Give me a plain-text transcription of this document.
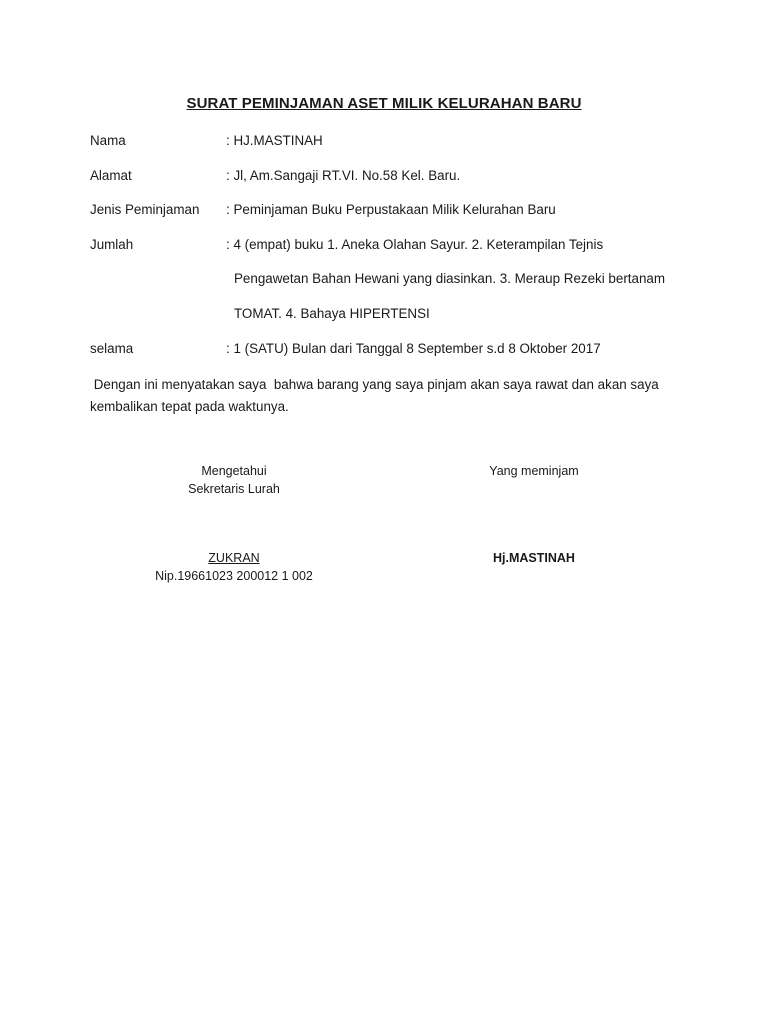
SURAT PEMINJAMAN ASET MILIK KELURAHAN BARU
Nama	: HJ.MASTINAH
Alamat	: Jl, Am.Sangaji RT.VI. No.58 Kel. Baru.
Jenis Peminjaman : Peminjaman Buku Perpustakaan Milik Kelurahan Baru
Jumlah	: 4 (empat) buku 1. Aneka Olahan Sayur. 2. Keterampilan Tejnis
Pengawetan Bahan Hewani yang diasinkan. 3. Meraup Rezeki bertanam
TOMAT. 4. Bahaya HIPERTENSI
selama	: 1 (SATU) Bulan dari Tanggal 8 September s.d 8 Oktober 2017
Dengan ini menyatakan saya  bahwa barang yang saya pinjam akan saya rawat dan akan saya
kembalikan tepat pada waktunya.
Mengetahui
Sekretaris Lurah
ZUKRAN
Nip.19661023 200012 1 002
Yang meminjam
Hj.MASTINAH
